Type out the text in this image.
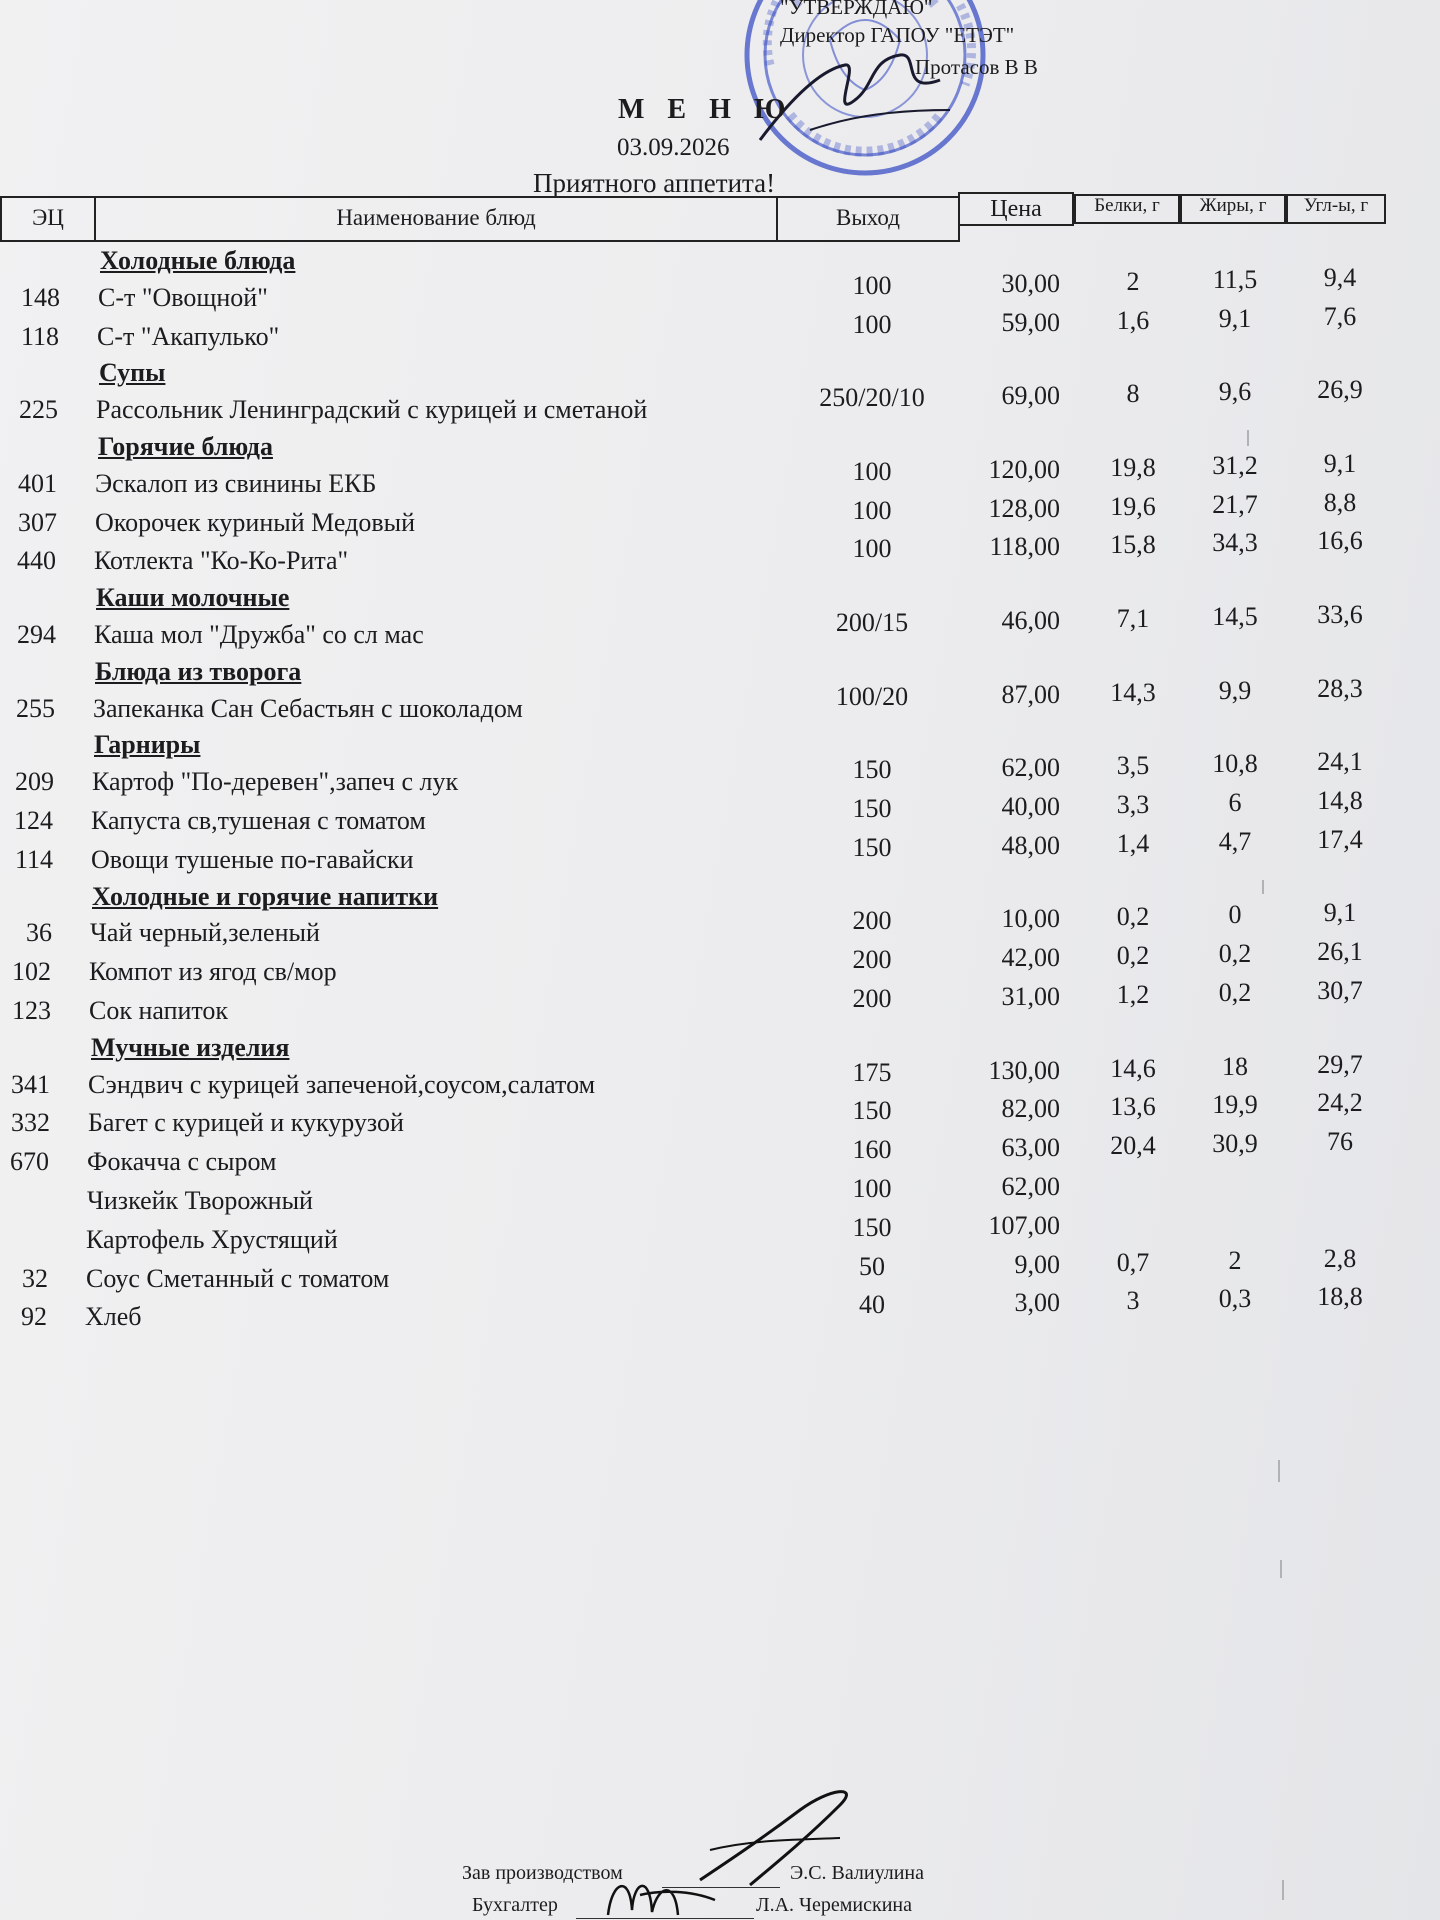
"УТВЕРЖДАЮ"
Директор ГАПОУ "ЕТЭТ"
Протасов В В
М Е Н Ю
03.09.2026
Приятного аппетита!
ЭЦ	Наименование блюд	Выход	Цена	Белки, г	Жиры, г	Угл-ы, г
Холодные блюда
148 С-т "Овощной"	100	30,00	2	11,5	9,4
118 С-т "Акапулько"	100	59,00	1,6	9,1	7,6
Супы
225 Рассольник Ленинградский с курицей и сметаной	250/20/10	69,00	8	9,6	26,9
Горячие блюда
401 Эскалоп из свинины ЕКБ	100	120,00	19,8	31,2	9,1
307 Окорочек куриный Медовый	100	128,00	19,6	21,7	8,8
440 Котлекта "Ко-Ко-Рита"	100	118,00	15,8	34,3	16,6
Каши молочные
294 Каша мол "Дружба" со сл мас	200/15	46,00	7,1	14,5	33,6
Блюда из творога
255 Запеканка Сан Себастьян с шоколадом	100/20	87,00	14,3	9,9	28,3
Гарниры
209 Картоф "По-деревен",запеч с лук	150	62,00	3,5	10,8	24,1
124 Капуста св,тушеная с томатом	150	40,00	3,3	6	14,8
114 Овощи тушеные по-гавайски	150	48,00	1,4	4,7	17,4
Холодные и горячие напитки
36 Чай черный,зеленый	200	10,00	0,2	0	9,1
102 Компот из ягод св/мор	200	42,00	0,2	0,2	26,1
123 Сок напиток	200	31,00	1,2	0,2	30,7
Мучные изделия
341 Сэндвич с курицей запеченой,соусом,салатом	175	130,00	14,6	18	29,7
332 Багет с курицей и кукурузой	150	82,00	13,6	19,9	24,2
670 Фокачча с сыром	160	63,00	20,4	30,9	76
Чизкейк Творожный	100	62,00
Картофель Хрустящий	150	107,00
32 Соус Сметанный с томатом	50	9,00	0,7	2	2,8
92 Хлеб	40	3,00	3	0,3	18,8
Зав производством	Э.С. Валиулина
Бухгалтер	Л.А. Черемискина
